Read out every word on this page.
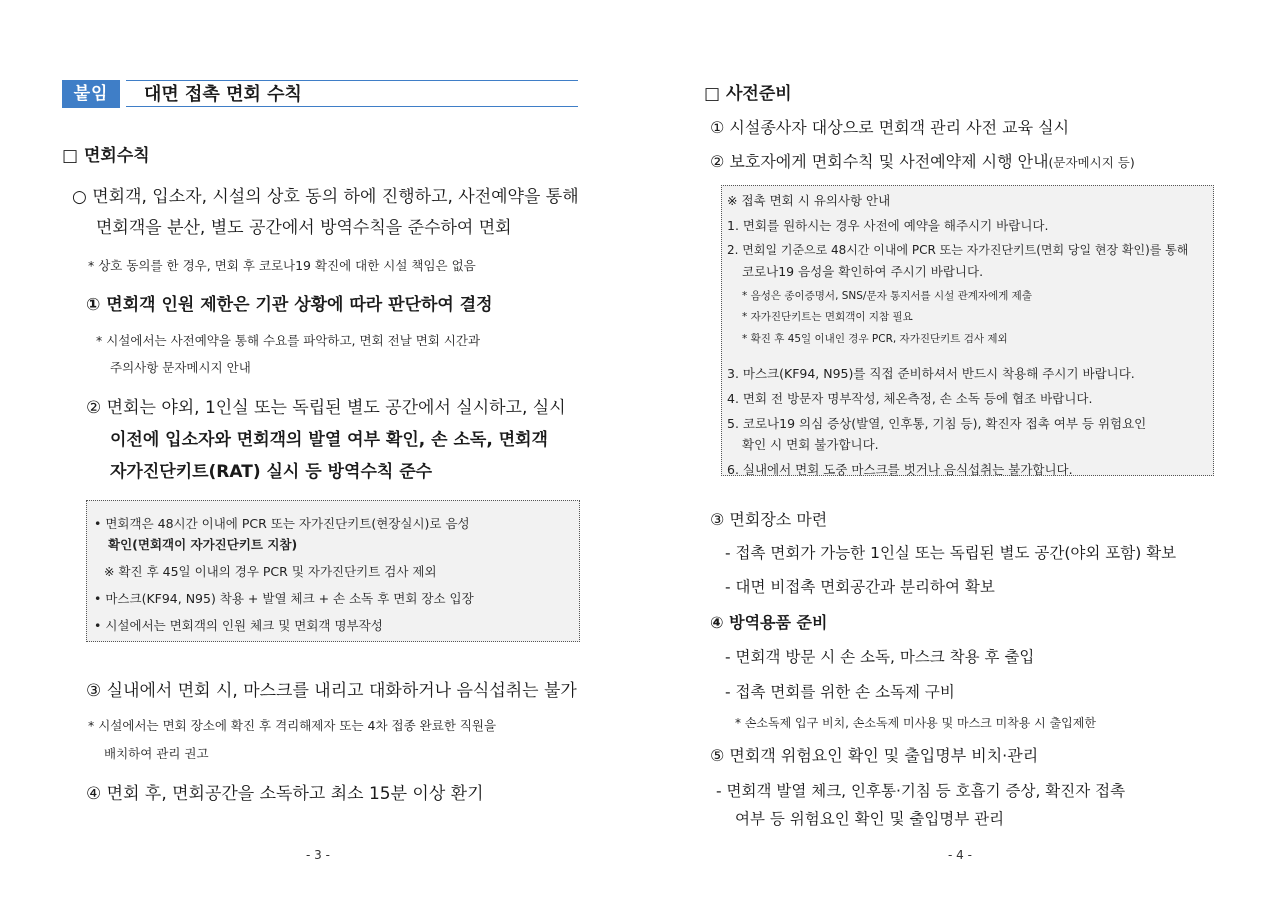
붙임	대면 접촉 면회 수칙
□ 면회수칙
○ 면회객, 입소자, 시설의 상호 동의 하에 진행하고, 사전예약을 통해
면회객을 분산, 별도 공간에서 방역수칙을 준수하여 면회
* 상호 동의를 한 경우, 면회 후 코로나19 확진에 대한 시설 책임은 없음
① 면회객 인원 제한은 기관 상황에 따라 판단하여 결정
* 시설에서는 사전예약을 통해 수요를 파악하고, 면회 전날 면회 시간과
주의사항 문자메시지 안내
② 면회는 야외, 1인실 또는 독립된 별도 공간에서 실시하고, 실시
이전에 입소자와 면회객의 발열 여부 확인, 손 소독, 면회객
자가진단키트(RAT) 실시 등 방역수칙 준수
• 면회객은 48시간 이내에 PCR 또는 자가진단키트(현장실시)로 음성
확인(면회객이 자가진단키트 지참)
※ 확진 후 45일 이내의 경우 PCR 및 자가진단키트 검사 제외
• 마스크(KF94, N95) 착용 + 발열 체크 + 손 소독 후 면회 장소 입장
• 시설에서는 면회객의 인원 체크 및 면회객 명부작성
③ 실내에서 면회 시, 마스크를 내리고 대화하거나 음식섭취는 불가
* 시설에서는 면회 장소에 확진 후 격리해제자 또는 4차 접종 완료한 직원을
배치하여 관리 권고
④ 면회 후, 면회공간을 소독하고 최소 15분 이상 환기
- 3 -
□ 사전준비
① 시설종사자 대상으로 면회객 관리 사전 교육 실시
② 보호자에게 면회수칙 및 사전예약제 시행 안내(문자메시지 등)
※ 접촉 면회 시 유의사항 안내
1. 면회를 원하시는 경우 사전에 예약을 해주시기 바랍니다.
2. 면회일 기준으로 48시간 이내에 PCR 또는 자가진단키트(면회 당일 현장 확인)를 통해
코로나19 음성을 확인하여 주시기 바랍니다.
* 음성은 종이증명서, SNS/문자 통지서를 시설 관계자에게 제출
* 자가진단키트는 면회객이 지참 필요
* 확진 후 45일 이내인 경우 PCR, 자가진단키트 검사 제외
3. 마스크(KF94, N95)를 직접 준비하셔서 반드시 착용해 주시기 바랍니다.
4. 면회 전 방문자 명부작성, 체온측정, 손 소독 등에 협조 바랍니다.
5. 코로나19 의심 증상(발열, 인후통, 기침 등), 확진자 접촉 여부 등 위험요인
확인 시 면회 불가합니다.
6. 실내에서 면회 도중 마스크를 벗거나 음식섭취는 불가합니다.
③ 면회장소 마련
- 접촉 면회가 가능한 1인실 또는 독립된 별도 공간(야외 포함) 확보
- 대면 비접촉 면회공간과 분리하여 확보
④ 방역용품 준비
- 면회객 방문 시 손 소독, 마스크 착용 후 출입
- 접촉 면회를 위한 손 소독제 구비
* 손소독제 입구 비치, 손소독제 미사용 및 마스크 미착용 시 출입제한
⑤ 면회객 위험요인 확인 및 출입명부 비치·관리
- 면회객 발열 체크, 인후통·기침 등 호흡기 증상, 확진자 접촉
여부 등 위험요인 확인 및 출입명부 관리
- 4 -
